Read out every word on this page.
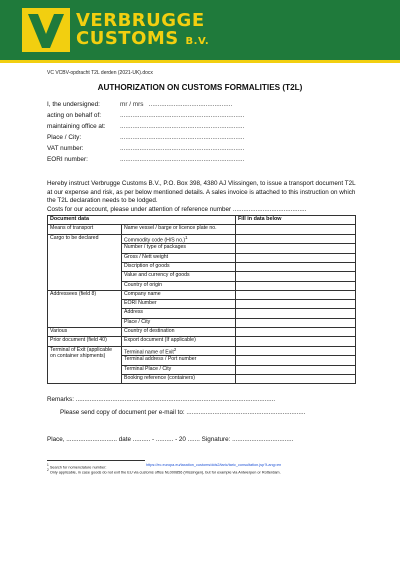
VERBRUGGE
CUSTOMS B.V.
VC VCBV-opdracht T2L derden (2021-UK).docx
AUTHORIZATION ON CUSTOMS FORMALITIES (T2L)
I, the undersigned:	mr / mrs ...............................................
acting on behalf of:	......................................................................
maintaining office at: ......................................................................
Place / City:	......................................................................
VAT number:	......................................................................
EORI number:	......................................................................
Hereby instruct Verbrugge Customs B.V., P.O. Box 398, 4380 AJ Vlissingen, to issue a transport document T2L at our expense and risk, as per below mentioned details. A sales invoice is attached to this instruction on which the T2L declaration needs to be lodged.
Costs for our account, please under attention of reference number ..........................................
Document data		Fill in data below
Means of transport	Name vessel / barge or licence plate no.	
Cargo to be declared	Commodity code (H/S no.)$^1$	
	Number / type of packages	
	Gross / Nett weight	
	Discription of goods	
	Value and currency of goods	
	Country of origin	
Addressees (field 8)	Company name	
	EORI Number	
	Address	
	Place / City	
Various	Country of destination	
Prior document (field 40)	Export document (If applicable)	
Terminal of Exit (applicable on container shipments)	Terminal name of Exit$^2$	
	Terminal address / Port number	
	Terminal Place / City	
	Booking reference (containers)	
Remarks: ..................................................................................................................
Please send copy of document per e-mail to: ....................................................................
Place, ............................. date .......... - .......... - 20 ....... Signature: ...................................
$^1$ Search for nomenclature number:
https://ec.europa.eu/taxation_customs/dds2/taric/taric_consultation.jsp?Lang=en
$^2$ Only applicable, in case goods do not exit the EU via customs office NL000856 (Vlissingen), but for example via Antwerpen or Rotterdam.
